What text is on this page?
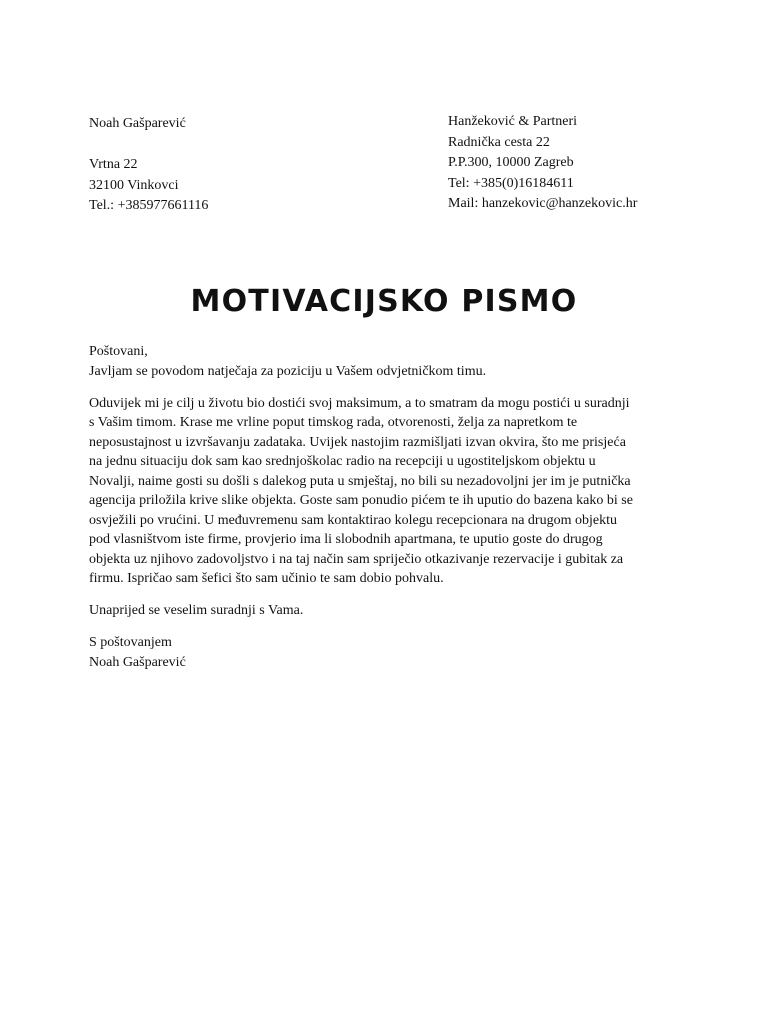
Noah Gašparević
Vrtna 22
32100 Vinkovci
Tel.: +385977661116
Hanžeković & Partneri
Radnička cesta 22
P.P.300, 10000 Zagreb
Tel: +385(0)16184611
Mail: hanzekovic@hanzekovic.hr
MOTIVACIJSKO PISMO
Poštovani,
Javljam se povodom natječaja za poziciju u Vašem odvjetničkom timu.
Oduvijek mi je cilj u životu bio dostići svoj maksimum, a to smatram da mogu postići u suradnji
s Vašim timom. Krase me vrline poput timskog rada, otvorenosti, želja za napretkom te
neposustajnost u izvršavanju zadataka. Uvijek nastojim razmišljati izvan okvira, što me prisjeća
na jednu situaciju dok sam kao srednjoškolac radio na recepciji u ugostiteljskom objektu u
Novalji, naime gosti su došli s dalekog puta u smještaj, no bili su nezadovoljni jer im je putnička
agencija priložila krive slike objekta. Goste sam ponudio pićem te ih uputio do bazena kako bi se
osvježili po vrućini. U međuvremenu sam kontaktirao kolegu recepcionara na drugom objektu
pod vlasništvom iste firme, provjerio ima li slobodnih apartmana, te uputio goste do drugog
objekta uz njihovo zadovoljstvo i na taj način sam spriječio otkazivanje rezervacije i gubitak za
firmu. Ispričao sam šefici što sam učinio te sam dobio pohvalu.
Unaprijed se veselim suradnji s Vama.
S poštovanjem
Noah Gašparević
